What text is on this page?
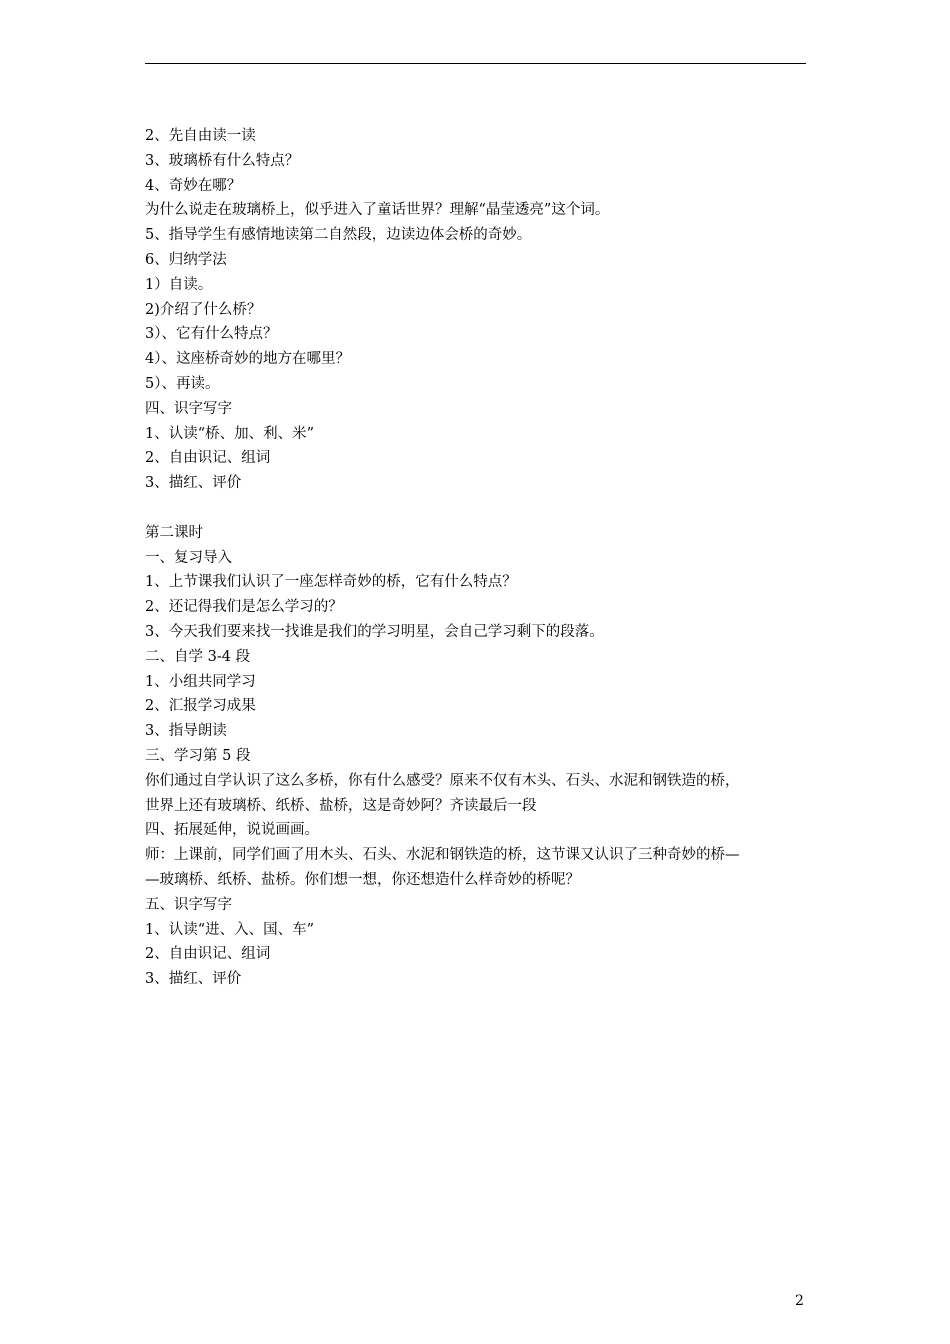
2、先自由读一读
3、玻璃桥有什么特点？
4、奇妙在哪？
为什么说走在玻璃桥上，似乎进入了童话世界？理解“晶莹透亮”这个词。
5、指导学生有感情地读第二自然段，边读边体会桥的奇妙。
6、归纳学法
1）自读。
2)介绍了什么桥？
3）、它有什么特点？
4）、这座桥奇妙的地方在哪里？
5）、再读。
四、识字写字
1、认读“桥、加、利、米”
2、自由识记、组词
3、描红、评价
第二课时
一、复习导入
1、上节课我们认识了一座怎样奇妙的桥，它有什么特点？
2、还记得我们是怎么学习的？
3、今天我们要来找一找谁是我们的学习明星，会自己学习剩下的段落。
二、自学 3-4 段
1、小组共同学习
2、汇报学习成果
3、指导朗读
三、学习第 5 段
你们通过自学认识了这么多桥，你有什么感受？原来不仅有木头、石头、水泥和钢铁造的桥，
世界上还有玻璃桥、纸桥、盐桥，这是奇妙阿？齐读最后一段
四、拓展延伸，说说画画。
师：上课前，同学们画了用木头、石头、水泥和钢铁造的桥，这节课又认识了三种奇妙的桥—
—玻璃桥、纸桥、盐桥。你们想一想，你还想造什么样奇妙的桥呢？
五、识字写字
1、认读“进、入、国、车”
2、自由识记、组词
3、描红、评价
2
